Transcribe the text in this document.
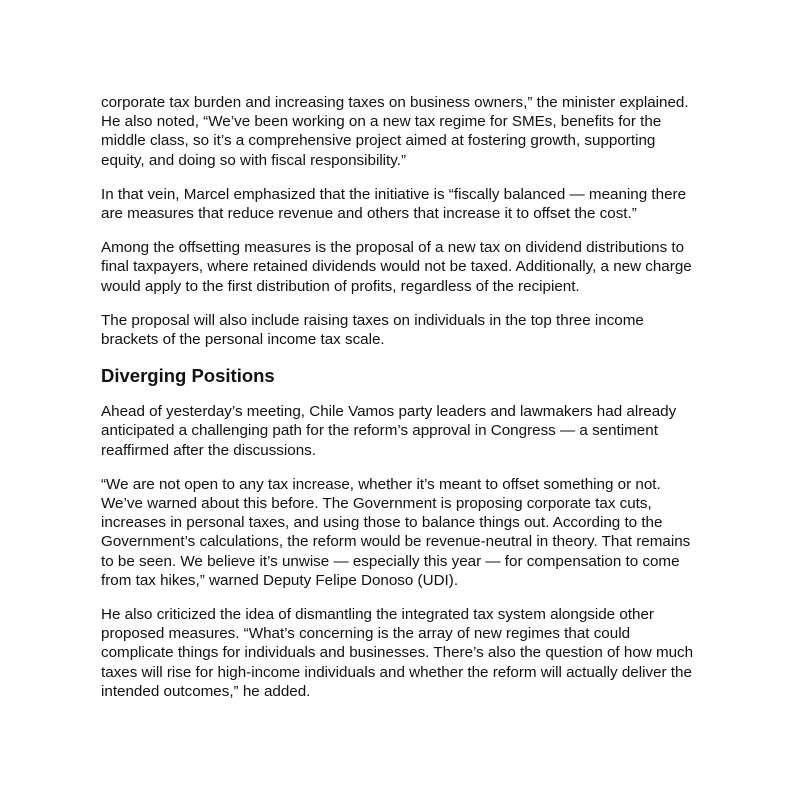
corporate tax burden and increasing taxes on business owners,” the minister explained. He also noted, “We’ve been working on a new tax regime for SMEs, benefits for the middle class, so it’s a comprehensive project aimed at fostering growth, supporting equity, and doing so with fiscal responsibility.”

In that vein, Marcel emphasized that the initiative is “fiscally balanced — meaning there are measures that reduce revenue and others that increase it to offset the cost.”

Among the offsetting measures is the proposal of a new tax on dividend distributions to final taxpayers, where retained dividends would not be taxed. Additionally, a new charge would apply to the first distribution of profits, regardless of the recipient.

The proposal will also include raising taxes on individuals in the top three income brackets of the personal income tax scale.

Diverging Positions

Ahead of yesterday’s meeting, Chile Vamos party leaders and lawmakers had already anticipated a challenging path for the reform’s approval in Congress — a sentiment reaffirmed after the discussions.

“We are not open to any tax increase, whether it’s meant to offset something or not. We’ve warned about this before. The Government is proposing corporate tax cuts, increases in personal taxes, and using those to balance things out. According to the Government’s calculations, the reform would be revenue-neutral in theory. That remains to be seen. We believe it’s unwise — especially this year — for compensation to come from tax hikes,” warned Deputy Felipe Donoso (UDI).

He also criticized the idea of dismantling the integrated tax system alongside other proposed measures. “What’s concerning is the array of new regimes that could complicate things for individuals and businesses. There’s also the question of how much taxes will rise for high-income individuals and whether the reform will actually deliver the intended outcomes,” he added.
